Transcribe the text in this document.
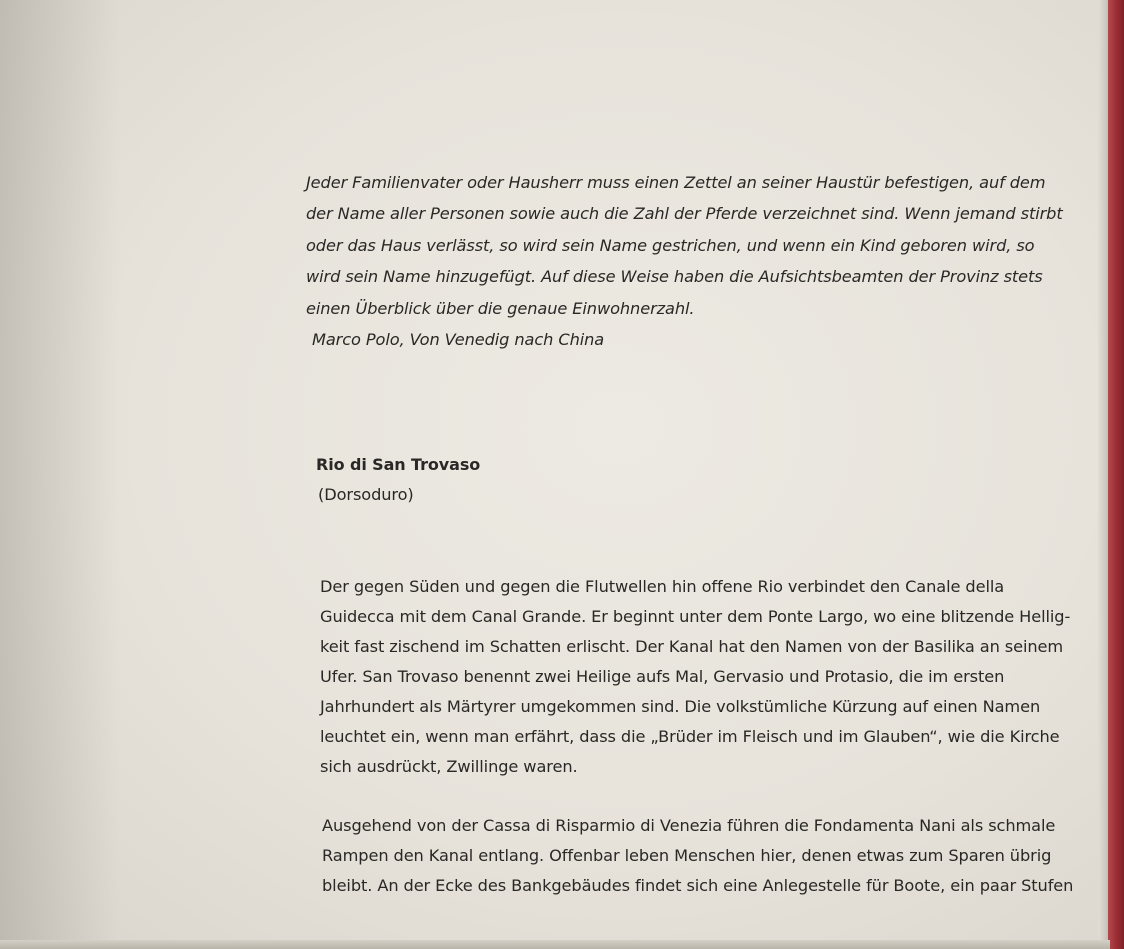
Jeder Familienvater oder Hausherr muss einen Zettel an seiner Haustür befestigen, auf dem
der Name aller Personen sowie auch die Zahl der Pferde verzeichnet sind. Wenn jemand stirbt
oder das Haus verlässt, so wird sein Name gestrichen, und wenn ein Kind geboren wird, so
wird sein Name hinzugefügt. Auf diese Weise haben die Aufsichtsbeamten der Provinz stets
einen Überblick über die genaue Einwohnerzahl.
Marco Polo, Von Venedig nach China
Rio di San Trovaso
(Dorsoduro)
Der gegen Süden und gegen die Flutwellen hin offene Rio verbindet den Canale della
Guidecca mit dem Canal Grande. Er beginnt unter dem Ponte Largo, wo eine blitzende Hellig-
keit fast zischend im Schatten erlischt. Der Kanal hat den Namen von der Basilika an seinem
Ufer. San Trovaso benennt zwei Heilige aufs Mal, Gervasio und Protasio, die im ersten
Jahrhundert als Märtyrer umgekommen sind. Die volkstümliche Kürzung auf einen Namen
leuchtet ein, wenn man erfährt, dass die „Brüder im Fleisch und im Glauben“, wie die Kirche
sich ausdrückt, Zwillinge waren.
Ausgehend von der Cassa di Risparmio di Venezia führen die Fondamenta Nani als schmale
Rampen den Kanal entlang. Offenbar leben Menschen hier, denen etwas zum Sparen übrig
bleibt. An der Ecke des Bankgebäudes findet sich eine Anlegestelle für Boote, ein paar Stufen
